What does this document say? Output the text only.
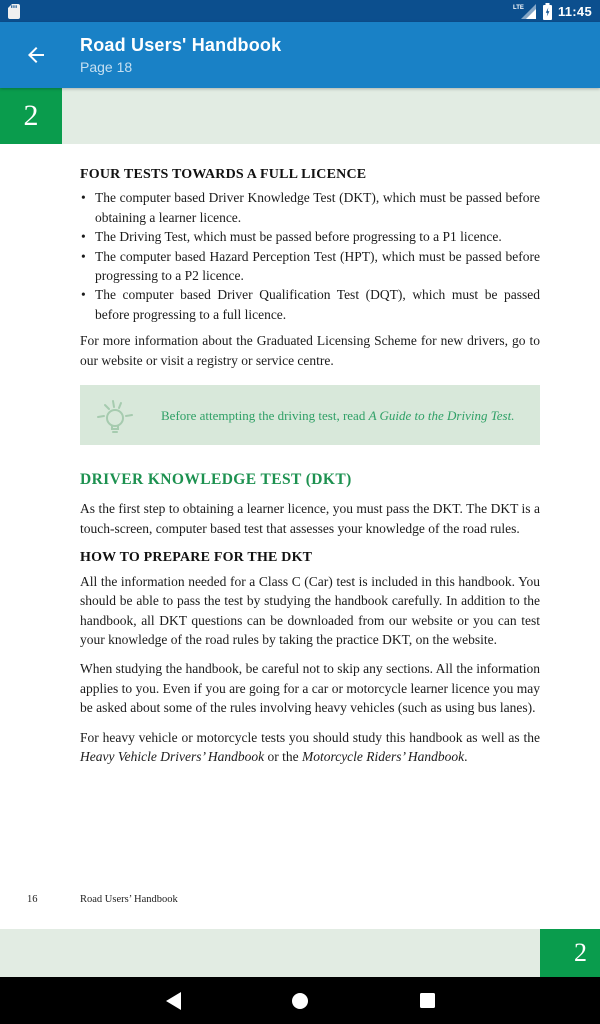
LTE	11:45
Road Users' Handbook
Page 18
2
FOUR TESTS TOWARDS A FULL LICENCE
• The computer based Driver Knowledge Test (DKT), which must be passed before obtaining a learner licence.
• The Driving Test, which must be passed before progressing to a P1 licence.
• The computer based Hazard Perception Test (HPT), which must be passed before progressing to a P2 licence.
• The computer based Driver Qualification Test (DQT), which must be passed before progressing to a full licence.

For more information about the Graduated Licensing Scheme for new drivers, go to our website or visit a registry or service centre.

Before attempting the driving test, read A Guide to the Driving Test.

DRIVER KNOWLEDGE TEST (DKT)

As the first step to obtaining a learner licence, you must pass the DKT. The DKT is a touch-screen, computer based test that assesses your knowledge of the road rules.

HOW TO PREPARE FOR THE DKT

All the information needed for a Class C (Car) test is included in this handbook. You should be able to pass the test by studying the handbook carefully. In addition to the handbook, all DKT questions can be downloaded from our website or you can test your knowledge of the road rules by taking the practice DKT, on the website.

When studying the handbook, be careful not to skip any sections. All the information applies to you. Even if you are going for a car or motorcycle learner licence you may be asked about some of the rules involving heavy vehicles (such as using bus lanes).

For heavy vehicle or motorcycle tests you should study this handbook as well as the Heavy Vehicle Drivers’ Handbook or the Motorcycle Riders’ Handbook.

16	Road Users’ Handbook
2
